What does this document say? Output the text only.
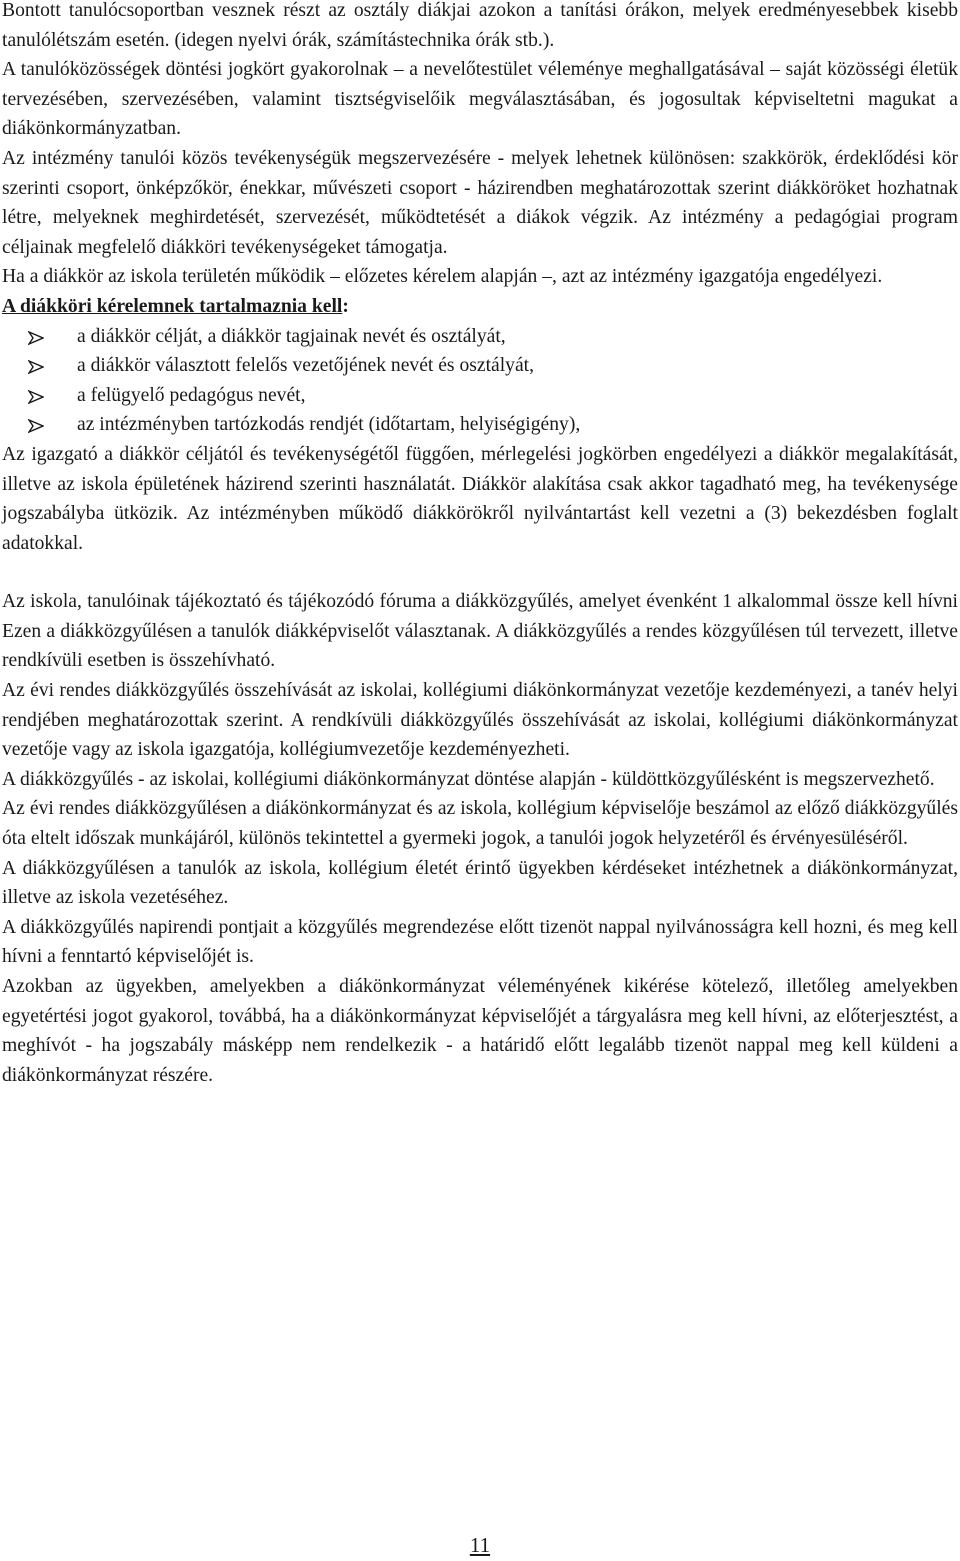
Bontott tanulócsoportban vesznek részt az osztály diákjai azokon a tanítási órákon, melyek eredményesebbek kisebb tanulólétszám esetén. (idegen nyelvi órák, számítástechnika órák stb.).

A tanulóközösségek döntési jogkört gyakorolnak – a nevelőtestület véleménye meghallgatásával – saját közösségi életük tervezésében, szervezésében, valamint tisztségviselőik megválasztásában, és jogosultak képviseltetni magukat a diákönkormányzatban.

Az intézmény tanulói közös tevékenységük megszervezésére - melyek lehetnek különösen: szakkörök, érdeklődési kör szerinti csoport, önképzőkör, énekkar, művészeti csoport - házirendben meghatározottak szerint diákköröket hozhatnak létre, melyeknek meghirdetését, szervezését, működtetését a diákok végzik. Az intézmény a pedagógiai program céljainak megfelelő diákköri tevékenységeket támogatja.

Ha a diákkör az iskola területén működik – előzetes kérelem alapján –, azt az intézmény igazgatója engedélyezi.

A diákköri kérelemnek tartalmaznia kell:

a diákkör célját, a diákkör tagjainak nevét és osztályát,
a diákkör választott felelős vezetőjének nevét és osztályát,
a felügyelő pedagógus nevét,
az intézményben tartózkodás rendjét (időtartam, helyiségigény),

Az igazgató a diákkör céljától és tevékenységétől függően, mérlegelési jogkörben engedélyezi a diákkör megalakítását, illetve az iskola épületének házirend szerinti használatát. Diákkör alakítása csak akkor tagadható meg, ha tevékenysége jogszabályba ütközik. Az intézményben működő diákkörökről nyilvántartást kell vezetni a (3) bekezdésben foglalt adatokkal.

Az iskola, tanulóinak tájékoztató és tájékozódó fóruma a diákközgyűlés, amelyet évenként 1 alkalommal össze kell hívni Ezen a diákközgyűlésen a tanulók diákképviselőt választanak. A diákközgyűlés a rendes közgyűlésen túl tervezett, illetve rendkívüli esetben is összehívható.

Az évi rendes diákközgyűlés összehívását az iskolai, kollégiumi diákönkormányzat vezetője kezdeményezi, a tanév helyi rendjében meghatározottak szerint. A rendkívüli diákközgyűlés összehívását az iskolai, kollégiumi diákönkormányzat vezetője vagy az iskola igazgatója, kollégiumvezetője kezdeményezheti.

A diákközgyűlés - az iskolai, kollégiumi diákönkormányzat döntése alapján - küldöttközgyűlésként is megszervezhető.

Az évi rendes diákközgyűlésen a diákönkormányzat és az iskola, kollégium képviselője beszámol az előző diákközgyűlés óta eltelt időszak munkájáról, különös tekintettel a gyermeki jogok, a tanulói jogok helyzetéről és érvényesüléséről.

A diákközgyűlésen a tanulók az iskola, kollégium életét érintő ügyekben kérdéseket intézhetnek a diákönkormányzat, illetve az iskola vezetéséhez.

A diákközgyűlés napirendi pontjait a közgyűlés megrendezése előtt tizenöt nappal nyilvánosságra kell hozni, és meg kell hívni a fenntartó képviselőjét is.

Azokban az ügyekben, amelyekben a diákönkormányzat véleményének kikérése kötelező, illetőleg amelyekben egyetértési jogot gyakorol, továbbá, ha a diákönkormányzat képviselőjét a tárgyalásra meg kell hívni, az előterjesztést, a meghívót - ha jogszabály másképp nem rendelkezik - a határidő előtt legalább tizenöt nappal meg kell küldeni a diákönkormányzat részére.

11
